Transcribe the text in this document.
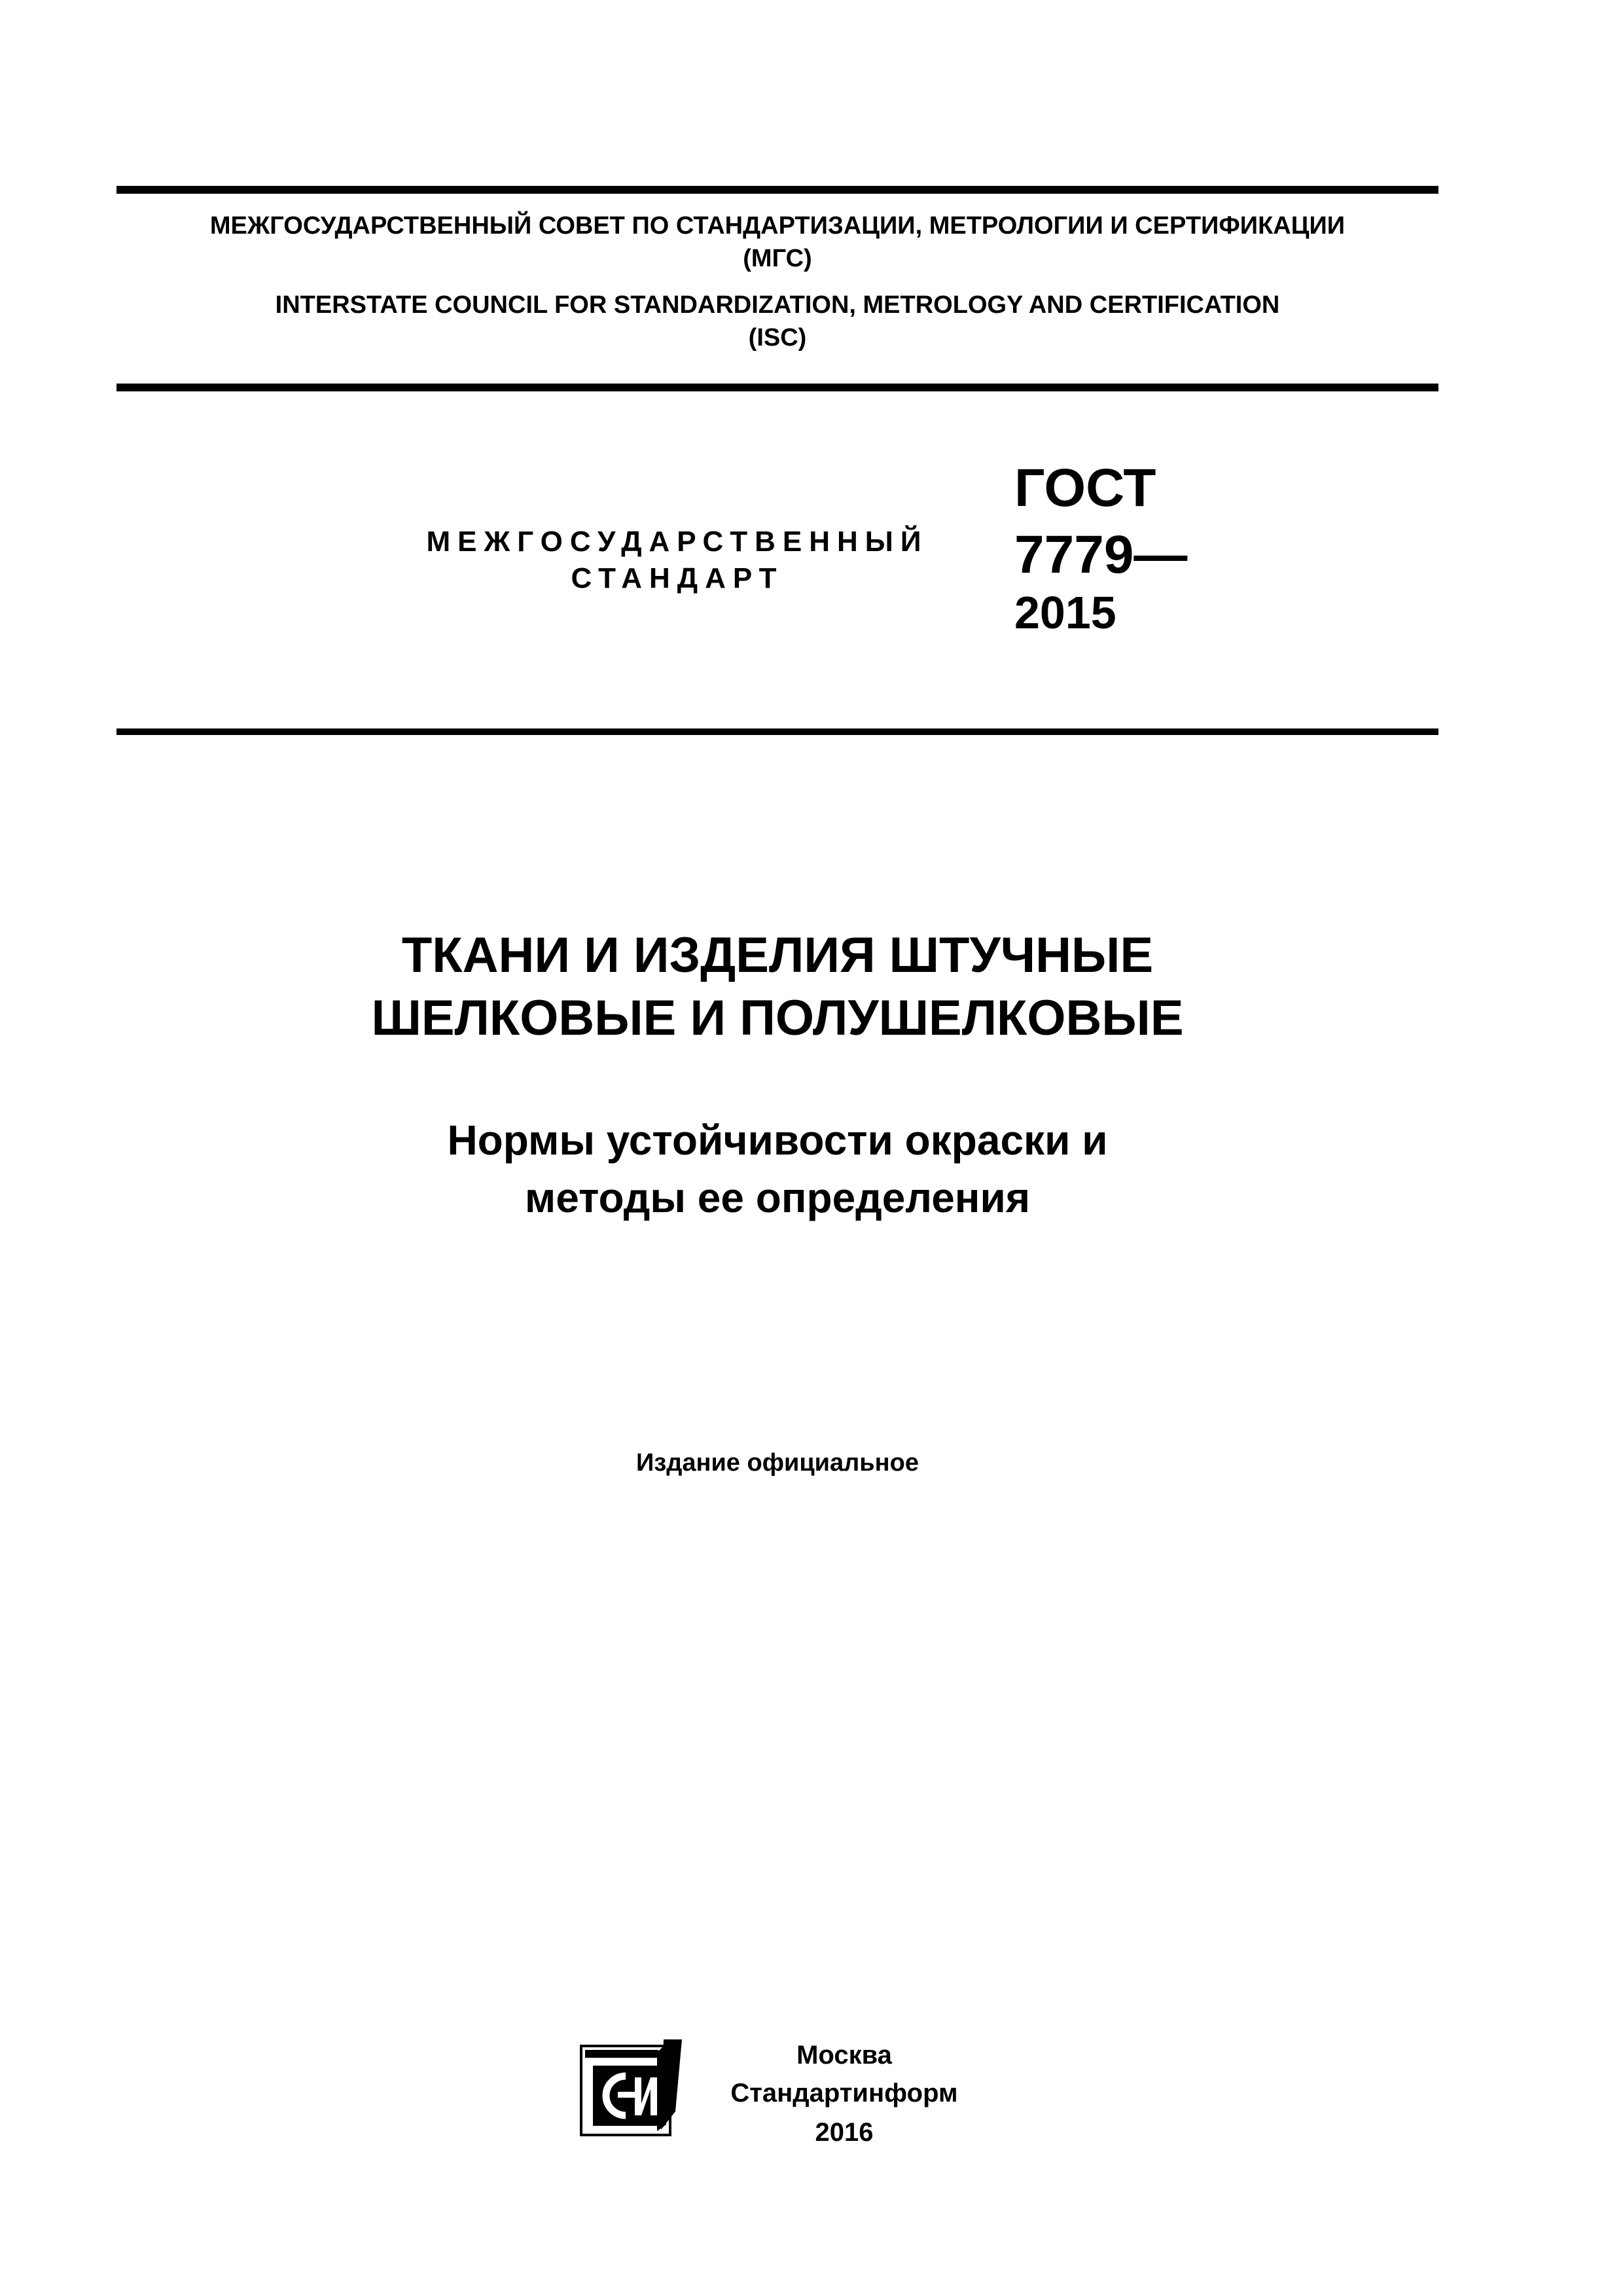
МЕЖГОСУДАРСТВЕННЫЙ СОВЕТ ПО СТАНДАРТИЗАЦИИ, МЕТРОЛОГИИ И СЕРТИФИКАЦИИ
(МГС)
INTERSTATE COUNCIL FOR STANDARDIZATION, METROLOGY AND CERTIFICATION
(ISC)
МЕЖГОСУДАРСТВЕННЫЙ
СТАНДАРТ
ГОСТ
7779—
2015
ТКАНИ И ИЗДЕЛИЯ ШТУЧНЫЕ
ШЕЛКОВЫЕ И ПОЛУШЕЛКОВЫЕ
Нормы устойчивости окраски и
методы ее определения
Издание официальное
Москва
Стандартинформ
2016
